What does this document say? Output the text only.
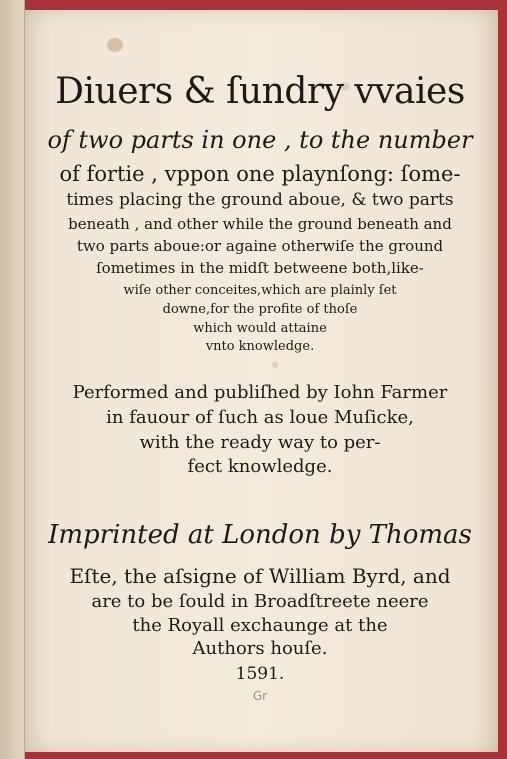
Diuers & ſundry vvaies
of two parts in one , to the number
of fortie , vppon one playnſong: ſome-
times placing the ground aboue, & two parts
beneath , and other while the ground beneath and
two parts aboue:or againe otherwiſe the ground
ſometimes in the midſt betweene both,like-
wiſe other conceites,which are plainly ſet
downe,for the profite of thoſe
which would attaine
vnto knowledge.
Performed and publiſhed by Iohn Farmer
in fauour of ſuch as loue Muſicke,
with the ready way to per-
fect knowledge.
Imprinted at London by Thomas
Eſte, the aſsigne of William Byrd, and
are to be ſould in Broadſtreete neere
the Royall exchaunge at the
Authors houſe.
1591.
Gr
